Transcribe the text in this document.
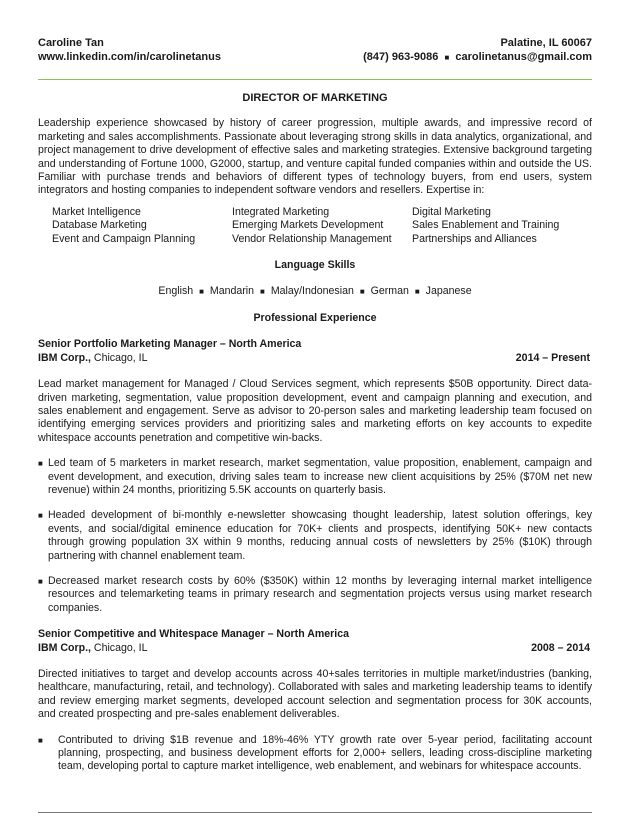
Caroline Tan	Palatine, IL 60067
www.linkedin.com/in/carolinetanus	(847) 963-9086 ■ carolinetanus@gmail.com
DIRECTOR OF MARKETING

Leadership experience showcased by history of career progression, multiple awards, and impressive record of marketing and sales accomplishments. Passionate about leveraging strong skills in data analytics, organizational, and project management to drive development of effective sales and marketing strategies. Extensive background targeting and understanding of Fortune 1000, G2000, startup, and venture capital funded companies within and outside the US. Familiar with purchase trends and behaviors of different types of technology buyers, from end users, system integrators and hosting companies to independent software vendors and resellers. Expertise in:

Market Intelligence	Integrated Marketing	Digital Marketing
Database Marketing	Emerging Markets Development	Sales Enablement and Training
Event and Campaign Planning	Vendor Relationship Management	Partnerships and Alliances
Language Skills
English ■ Mandarin ■ Malay/Indonesian ■ German ■ Japanese
Professional Experience
Senior Portfolio Marketing Manager – North America
IBM Corp., Chicago, IL	2014 – Present

Lead market management for Managed / Cloud Services segment, which represents $50B opportunity. Direct data-driven marketing, segmentation, value proposition development, event and campaign planning and execution, and sales enablement and engagement. Serve as advisor to 20-person sales and marketing leadership team focused on identifying emerging services providers and prioritizing sales and marketing efforts on key accounts to expedite whitespace accounts penetration and competitive win-backs.

■ Led team of 5 marketers in market research, market segmentation, value proposition, enablement, campaign and event development, and execution, driving sales team to increase new client acquisitions by 25% ($70M net new revenue) within 24 months, prioritizing 5.5K accounts on quarterly basis.
■ Headed development of bi-monthly e-newsletter showcasing thought leadership, latest solution offerings, key events, and social/digital eminence education for 70K+ clients and prospects, identifying 50K+ new contacts through growing population 3X within 9 months, reducing annual costs of newsletters by 25% ($10K) through partnering with channel enablement team.
■ Decreased market research costs by 60% ($350K) within 12 months by leveraging internal market intelligence resources and telemarketing teams in primary research and segmentation projects versus using market research companies.
Senior Competitive and Whitespace Manager – North America
IBM Corp., Chicago, IL	2008 – 2014

Directed initiatives to target and develop accounts across 40+sales territories in multiple market/industries (banking, healthcare, manufacturing, retail, and technology). Collaborated with sales and marketing leadership teams to identify and review emerging market segments, developed account selection and segmentation process for 30K accounts, and created prospecting and pre-sales enablement deliverables.

■ Contributed to driving $1B revenue and 18%-46% YTY growth rate over 5-year period, facilitating account planning, prospecting, and business development efforts for 2,000+ sellers, leading cross-discipline marketing team, developing portal to capture market intelligence, web enablement, and webinars for whitespace accounts.
